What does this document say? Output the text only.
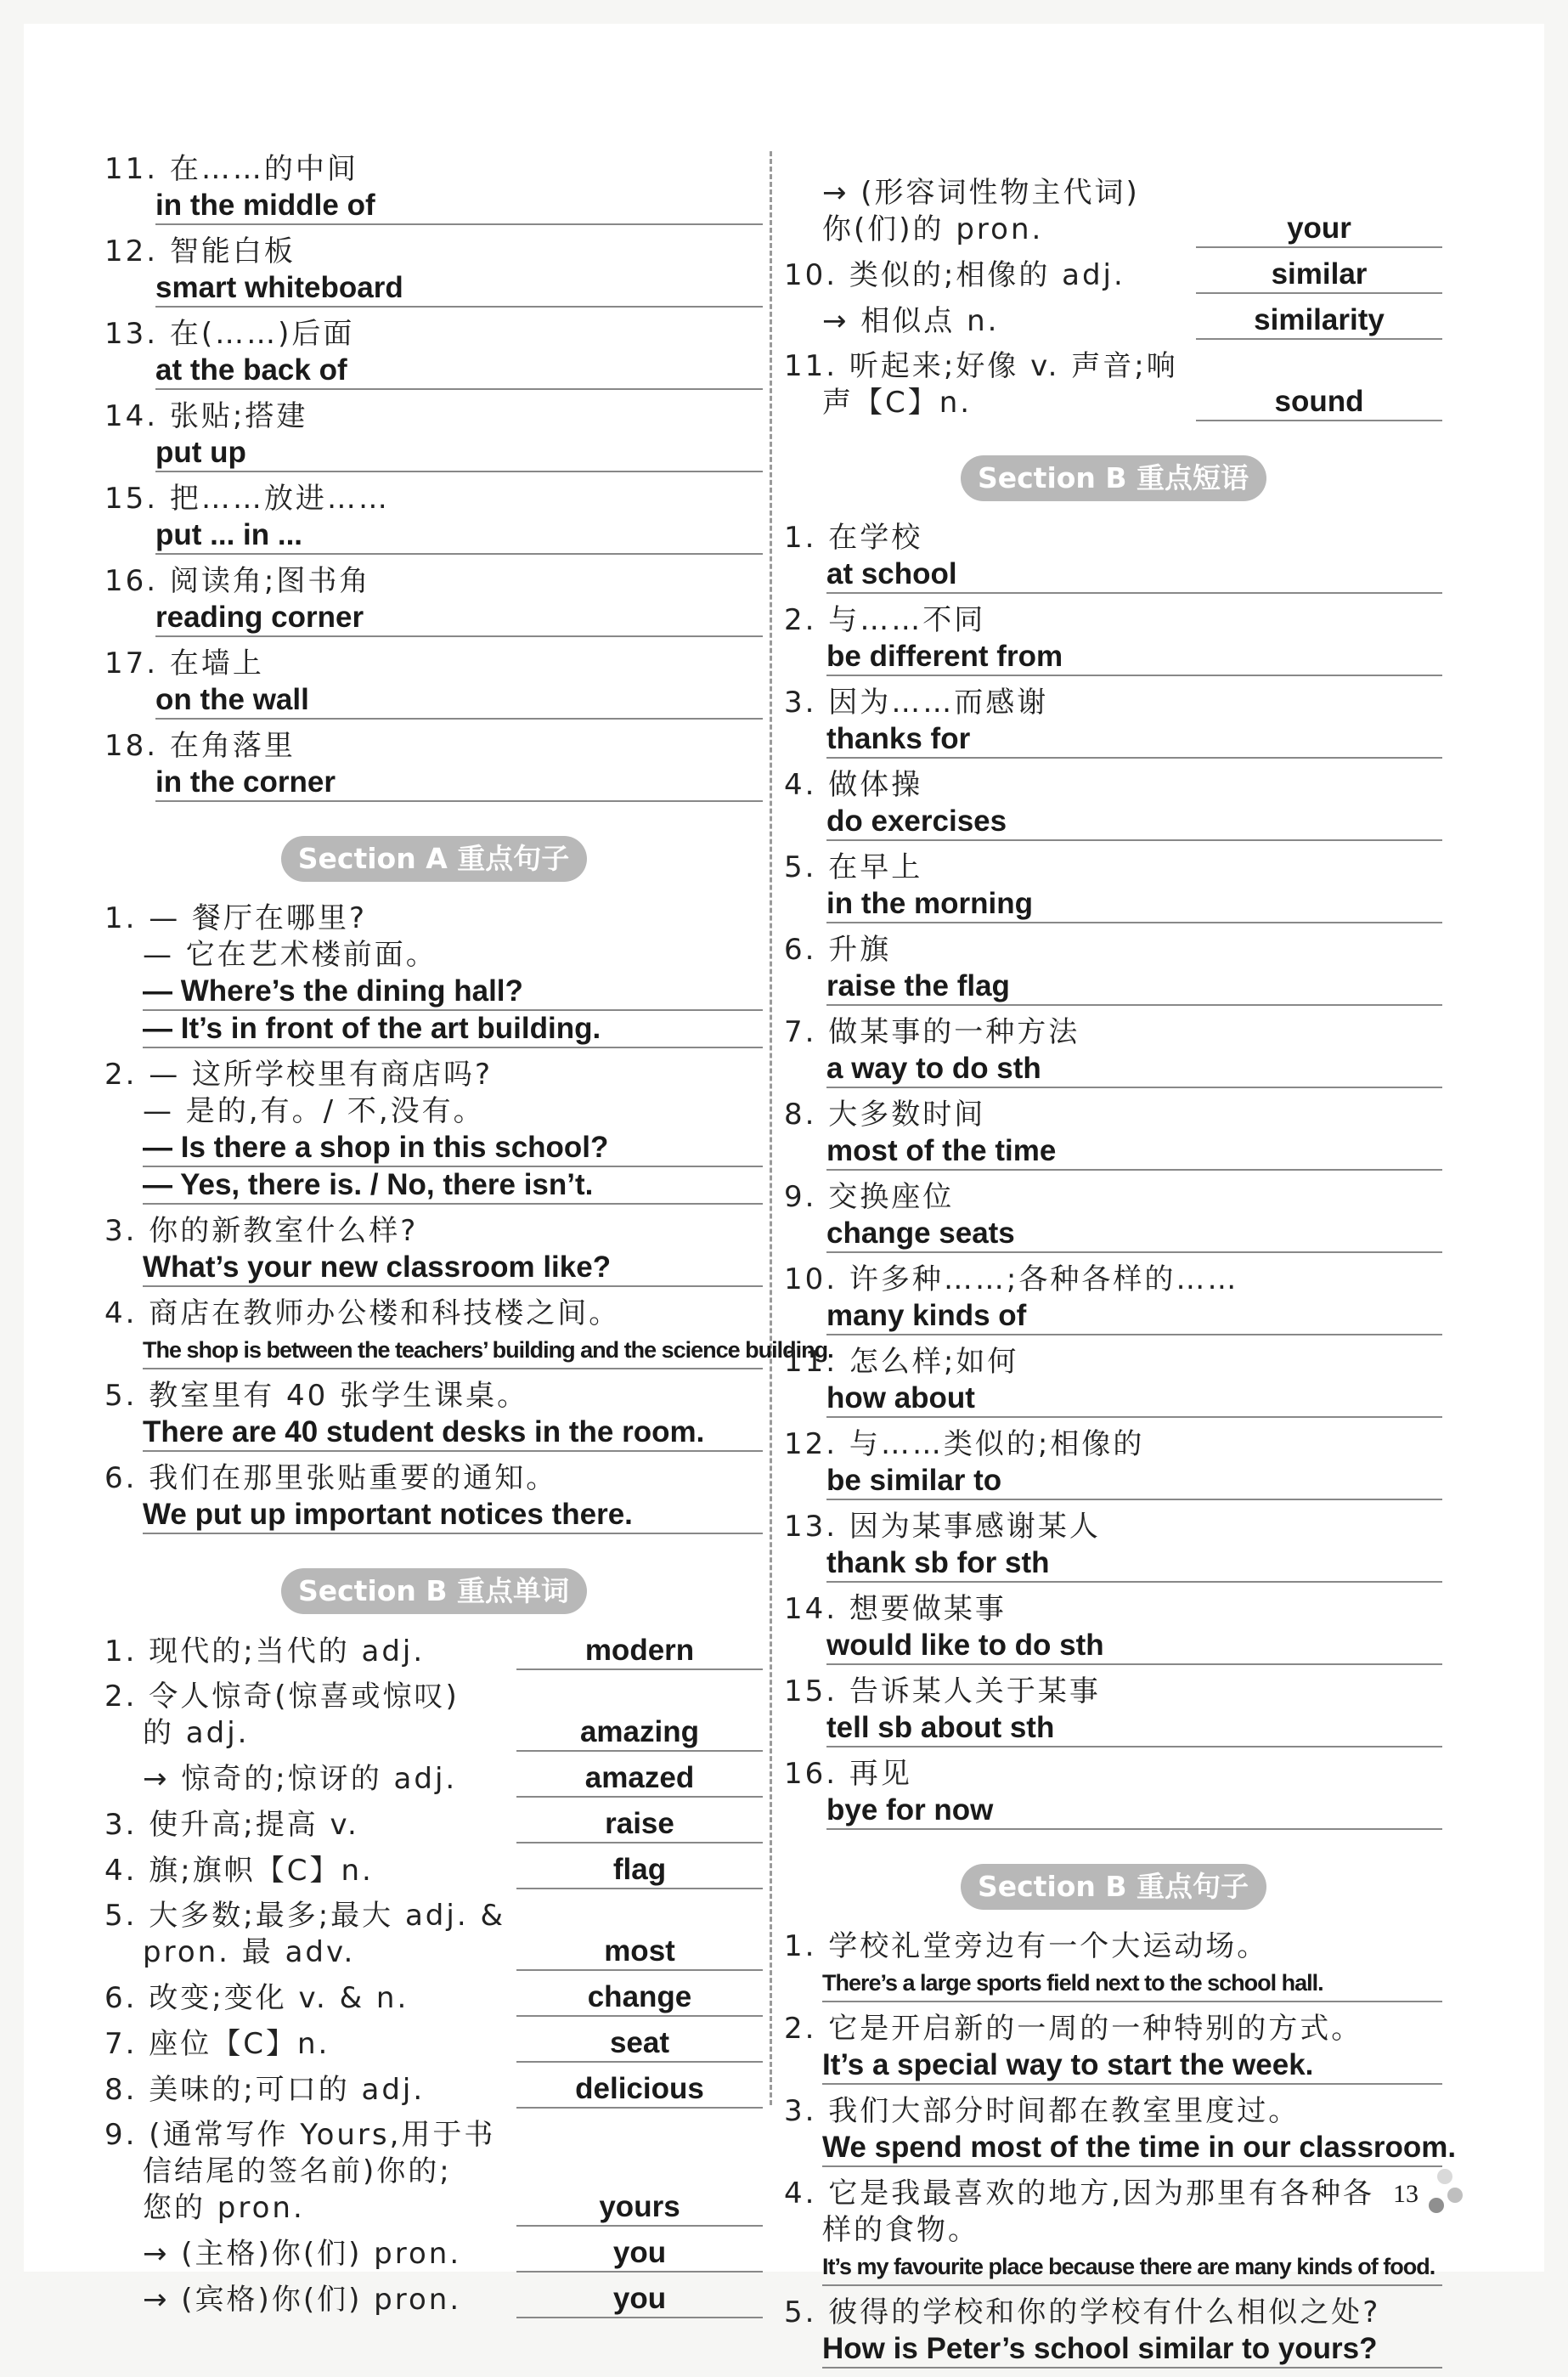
11. 在……的中间
in the middle of
12. 智能白板
smart whiteboard
13. 在(……)后面
at the back of
14. 张贴;搭建
put up
15. 把……放进……
put ... in ...
16. 阅读角;图书角
reading corner
17. 在墙上
on the wall
18. 在角落里
in the corner
Section A 重点句子
1. — 餐厅在哪里?
— 它在艺术楼前面。
— Where’s the dining hall?
— It’s in front of the art building.
2. — 这所学校里有商店吗?
— 是的,有。/ 不,没有。
— Is there a shop in this school?
— Yes, there is. / No, there isn’t.
3. 你的新教室什么样?
What’s your new classroom like?
4. 商店在教师办公楼和科技楼之间。
The shop is between the teachers’ building and the science building.
5. 教室里有 40 张学生课桌。
There are 40 student desks in the room.
6. 我们在那里张贴重要的通知。
We put up important notices there.
Section B 重点单词
1. 现代的;当代的 adj.	modern
2. 令人惊奇(惊喜或惊叹)
的 adj.	amazing
→ 惊奇的;惊讶的 adj.	amazed
3. 使升高;提高 v.	raise
4. 旗;旗帜【C】n.	flag
5. 大多数;最多;最大 adj. &
pron. 最 adv.	most
6. 改变;变化 v. & n.	change
7. 座位【C】n.	seat
8. 美味的;可口的 adj.	delicious
9. (通常写作 Yours,用于书
信结尾的签名前)你的;
您的 pron.	yours
→ (主格)你(们) pron.	you
→ (宾格)你(们) pron.	you
→ (形容词性物主代词)
你(们)的 pron.	your
10. 类似的;相像的 adj.	similar
→ 相似点 n.	similarity
11. 听起来;好像 v. 声音;响
声【C】n.	sound
Section B 重点短语
1. 在学校
at school
2. 与……不同
be different from
3. 因为……而感谢
thanks for
4. 做体操
do exercises
5. 在早上
in the morning
6. 升旗
raise the flag
7. 做某事的一种方法
a way to do sth
8. 大多数时间
most of the time
9. 交换座位
change seats
10. 许多种……;各种各样的……
many kinds of
11. 怎么样;如何
how about
12. 与……类似的;相像的
be similar to
13. 因为某事感谢某人
thank sb for sth
14. 想要做某事
would like to do sth
15. 告诉某人关于某事
tell sb about sth
16. 再见
bye for now
Section B 重点句子
1. 学校礼堂旁边有一个大运动场。
There’s a large sports field next to the school hall.
2. 它是开启新的一周的一种特别的方式。
It’s a special way to start the week.
3. 我们大部分时间都在教室里度过。
We spend most of the time in our classroom.
4. 它是我最喜欢的地方,因为那里有各种各
样的食物。
It’s my favourite place because there are many kinds of food.
5. 彼得的学校和你的学校有什么相似之处?
How is Peter’s school similar to yours?
13
